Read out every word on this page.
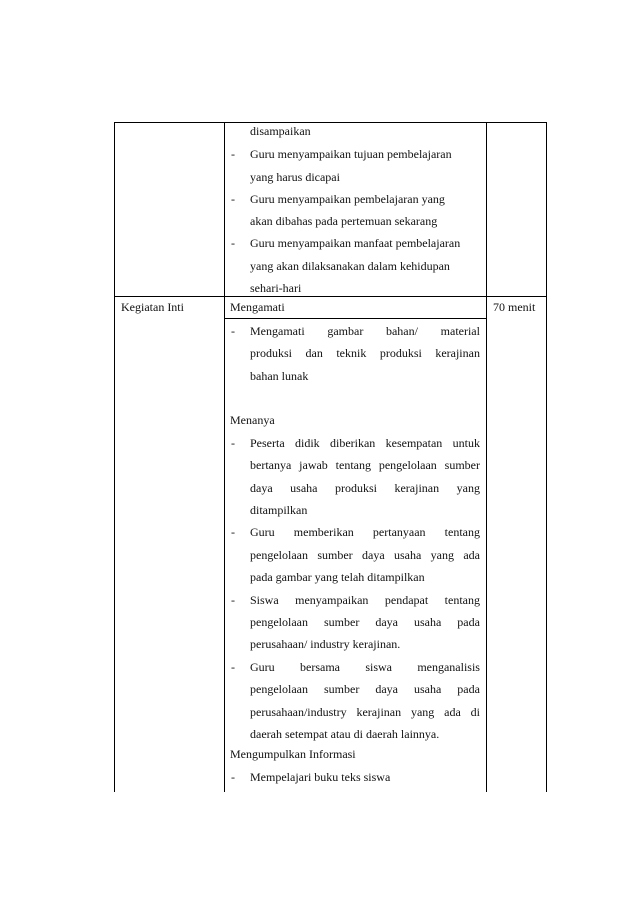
disampaikan
- Guru menyampaikan tujuan pembelajaran
yang harus dicapai
- Guru menyampaikan pembelajaran yang
akan dibahas pada pertemuan sekarang
- Guru menyampaikan manfaat pembelajaran
yang akan dilaksanakan dalam kehidupan
sehari-hari
Kegiatan Inti	70 menit
Mengamati
- Mengamati gambar bahan/ material
produksi dan teknik produksi kerajinan
bahan lunak
Menanya
- Peserta didik diberikan kesempatan untuk
bertanya jawab tentang pengelolaan sumber
daya usaha produksi kerajinan yang
ditampilkan
- Guru memberikan pertanyaan tentang
pengelolaan sumber daya usaha yang ada
pada gambar yang telah ditampilkan
- Siswa menyampaikan pendapat tentang
pengelolaan sumber daya usaha pada
perusahaan/ industry kerajinan.
- Guru bersama siswa menganalisis
pengelolaan sumber daya usaha pada
perusahaan/industry kerajinan yang ada di
daerah setempat atau di daerah lainnya.
Mengumpulkan Informasi
- Mempelajari buku teks siswa
